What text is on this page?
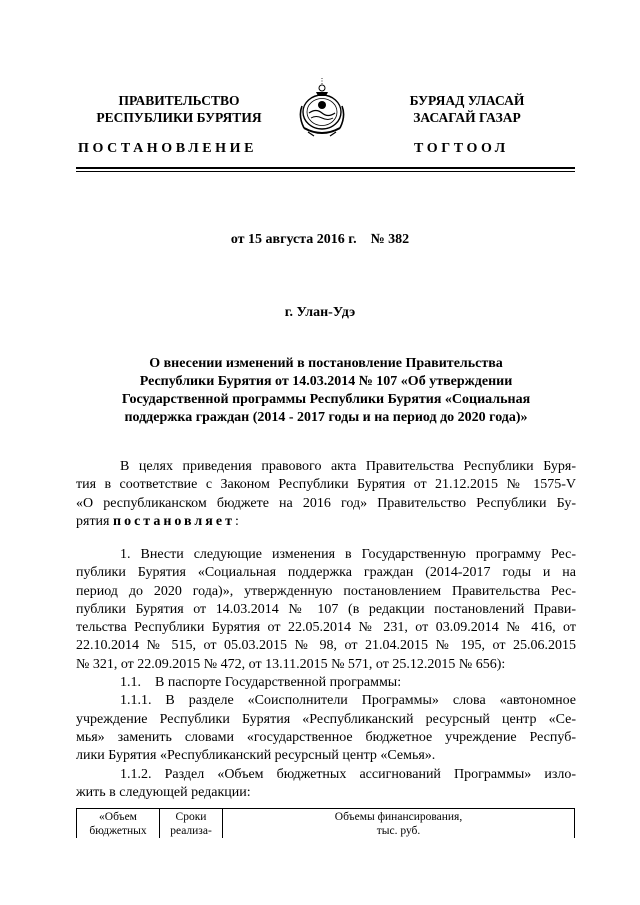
ПРАВИТЕЛЬСТВО
РЕСПУБЛИКИ БУРЯТИЯ
БУРЯАД УЛАСАЙ
ЗАСАГАЙ ГАЗАР
ПОСТАНОВЛЕНИЕ	ТОГТООЛ
от 15 августа 2016 г. № 382
г. Улан-Удэ
О внесении изменений в постановление Правительства
Республики Бурятия от 14.03.2014 № 107 «Об утверждении
Государственной программы Республики Бурятия «Социальная
поддержка граждан (2014 - 2017 годы и на период до 2020 года)»
В целях приведения правового акта Правительства Республики Буря-
тия в соответствие с Законом Республики Бурятия от 21.12.2015 № 1575-V
«О республиканском бюджете на 2016 год» Правительство Республики Бу-
рятия постановляет:
1. Внести следующие изменения в Государственную программу Рес-
публики Бурятия «Социальная поддержка граждан (2014-2017 годы и на
период до 2020 года)», утвержденную постановлением Правительства Рес-
публики Бурятия от 14.03.2014 № 107 (в редакции постановлений Прави-
тельства Республики Бурятия от 22.05.2014 № 231, от 03.09.2014 № 416, от
22.10.2014 № 515, от 05.03.2015 № 98, от 21.04.2015 № 195, от 25.06.2015
№ 321, от 22.09.2015 № 472, от 13.11.2015 № 571, от 25.12.2015 № 656):
1.1.    В паспорте Государственной программы:
1.1.1. В разделе «Соисполнители Программы» слова «автономное
учреждение Республики Бурятия «Республиканский ресурсный центр «Се-
мья» заменить словами «государственное бюджетное учреждение Респуб-
лики Бурятия «Республиканский ресурсный центр «Семья».
1.1.2. Раздел «Объем бюджетных ассигнований Программы» изло-
жить в следующей редакции:
«Объем
бюджетных

Сроки
реализа-

Объемы финансирования,
тыс. руб.
